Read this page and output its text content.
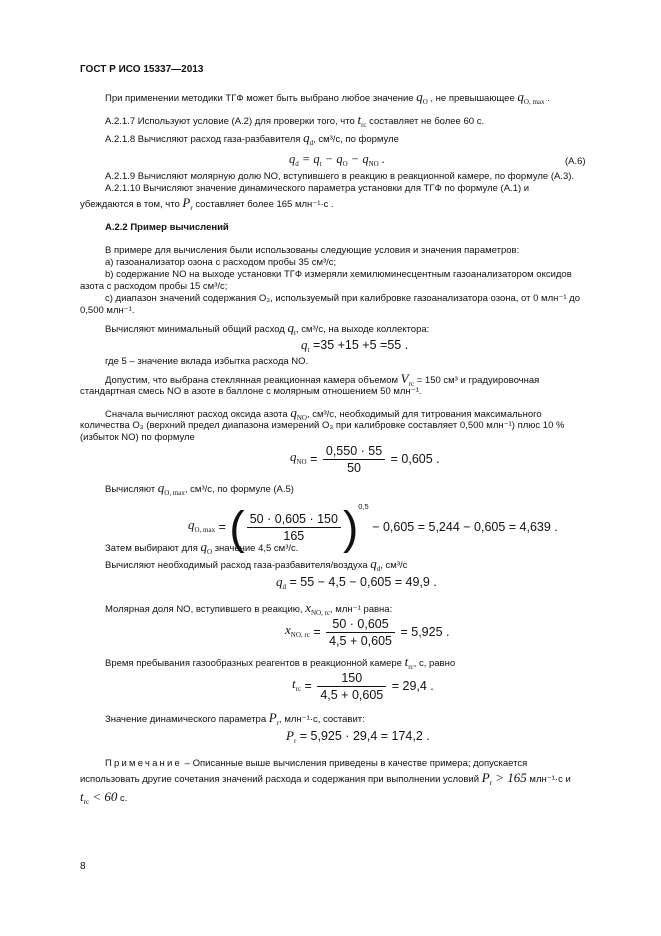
ГОСТ Р ИСО 15337—2013
При применении методики ТГФ может быть выбрано любое значение $q_O$ , не превышающее $q_{O, max}$ .
А.2.1.7 Используют условие (А.2) для проверки того, что $t_{rc}$ составляет не более 60 с.
А.2.1.8 Вычисляют расход газа-разбавителя $q_d$, см³/с, по формуле
$q_d = q_t - q_O - q_{NO}$ .	(А.6)
А.2.1.9 Вычисляют молярную долю NO, вступившего в реакцию в реакционной камере, по формуле (А.3).
А.2.1.10 Вычисляют значение динамического параметра установки для ТГФ по формуле (А.1) и
убеждаются в том, что $P_r$ составляет более 165 млн⁻¹·с .
А.2.2 Пример вычислений
В примере для вычисления были использованы следующие условия и значения параметров:
а) газоанализатор озона с расходом пробы 35 см³/с;
b) содержание NO на выходе установки ТГФ измеряли хемилюминесцентным газоанализатором оксидов
азота с расходом пробы 15 см³/с;
с) диапазон значений содержания O₃, используемый при калибровке газоанализатора озона, от 0 млн⁻¹ до
0,500 млн⁻¹.
Вычисляют минимальный общий расход $q_t$, см³/с, на выходе коллектора:
$q_t =35 +15 +5 =55$ .
где 5 – значение вклада избытка расхода NO.
Допустим, что выбрана стеклянная реакционная камера объемом $V_{rc} = 150$ см³ и градуировочная
стандартная смесь NO в азоте в баллоне с молярным отношением 50 млн⁻¹.
Сначала вычисляют расход оксида азота $q_{NO}$, см³/с, необходимый для титрования максимального
количества O₃ (верхний предел диапазона измерений O₃ при калибровке составляет 0,500 млн⁻¹) плюс 10 %
(избыток NO) по формуле
$q_{NO} = \frac{0,550 \cdot 55}{50} = 0,605$ .
Вычисляют $q_{O, max}$, см³/с, по формуле (А.5)
$q_{O, max}$ = ( $\frac{50 \cdot 0,605 \cdot 150}{165} )^{0,5} - 0,605 = 5,244 - 0,605 = 4,639$ .
Затем выбирают для $q_O$ значение 4,5 см³/с.
Вычисляют необходимый расход газа-разбавителя/воздуха $q_d$, см³/с
$q_d = 55 - 4,5 - 0,605 = 49,9$ .
Молярная доля NO, вступившего в реакцию, $x_{NO, rc}$, млн⁻¹ равна:
$x_{NO, rc} = \frac{50 \cdot 0,605}{4,5 + 0,605} = 5,925$ .
Время пребывания газообразных реагентов в реакционной камере $t_{rc}$, с, равно
$t_{rc} = \frac{150}{4,5 + 0,605} = 29,4$ .
Значение динамического параметра $P_r$, млн⁻¹·с, составит:
$P_r = 5,925 \cdot 29,4 = 174,2$ .
Примечание – Описанные выше вычисления приведены в качестве примера; допускается
использовать другие сочетания значений расхода и содержания при выполнении условий $P_r > 165$ млн⁻¹·с и
$t_{rc} < 60$ с.
8
